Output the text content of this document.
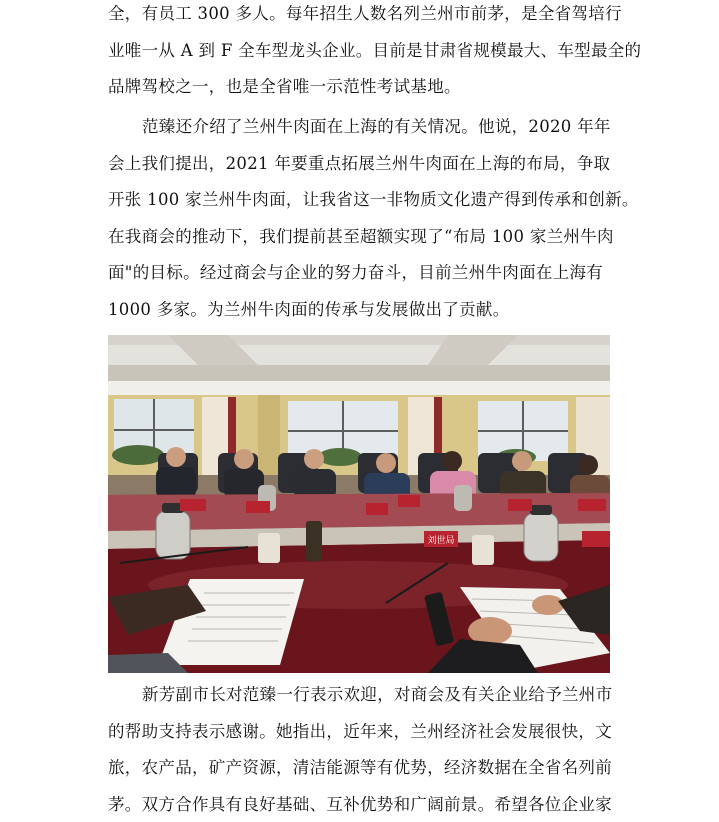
全，有员工 300 多人。每年招生人数名列兰州市前茅，是全省驾培行
业唯一从 A 到 F 全车型龙头企业。目前是甘肃省规模最大、车型最全的
品牌驾校之一，也是全省唯一示范性考试基地。
范臻还介绍了兰州牛肉面在上海的有关情况。他说，2020 年年
会上我们提出，2021 年要重点拓展兰州牛肉面在上海的布局，争取
开张 100 家兰州牛肉面，让我省这一非物质文化遗产得到传承和创新。
在我商会的推动下，我们提前甚至超额实现了“布局 100 家兰州牛肉
面"的目标。经过商会与企业的努力奋斗，目前兰州牛肉面在上海有
1000 多家。为兰州牛肉面的传承与发展做出了贡献。
刘世局
新芳副市长对范臻一行表示欢迎，对商会及有关企业给予兰州市
的帮助支持表示感谢。她指出，近年来，兰州经济社会发展很快，文
旅，农产品，矿产资源，清洁能源等有优势，经济数据在全省名列前
茅。双方合作具有良好基础、互补优势和广阔前景。希望各位企业家
